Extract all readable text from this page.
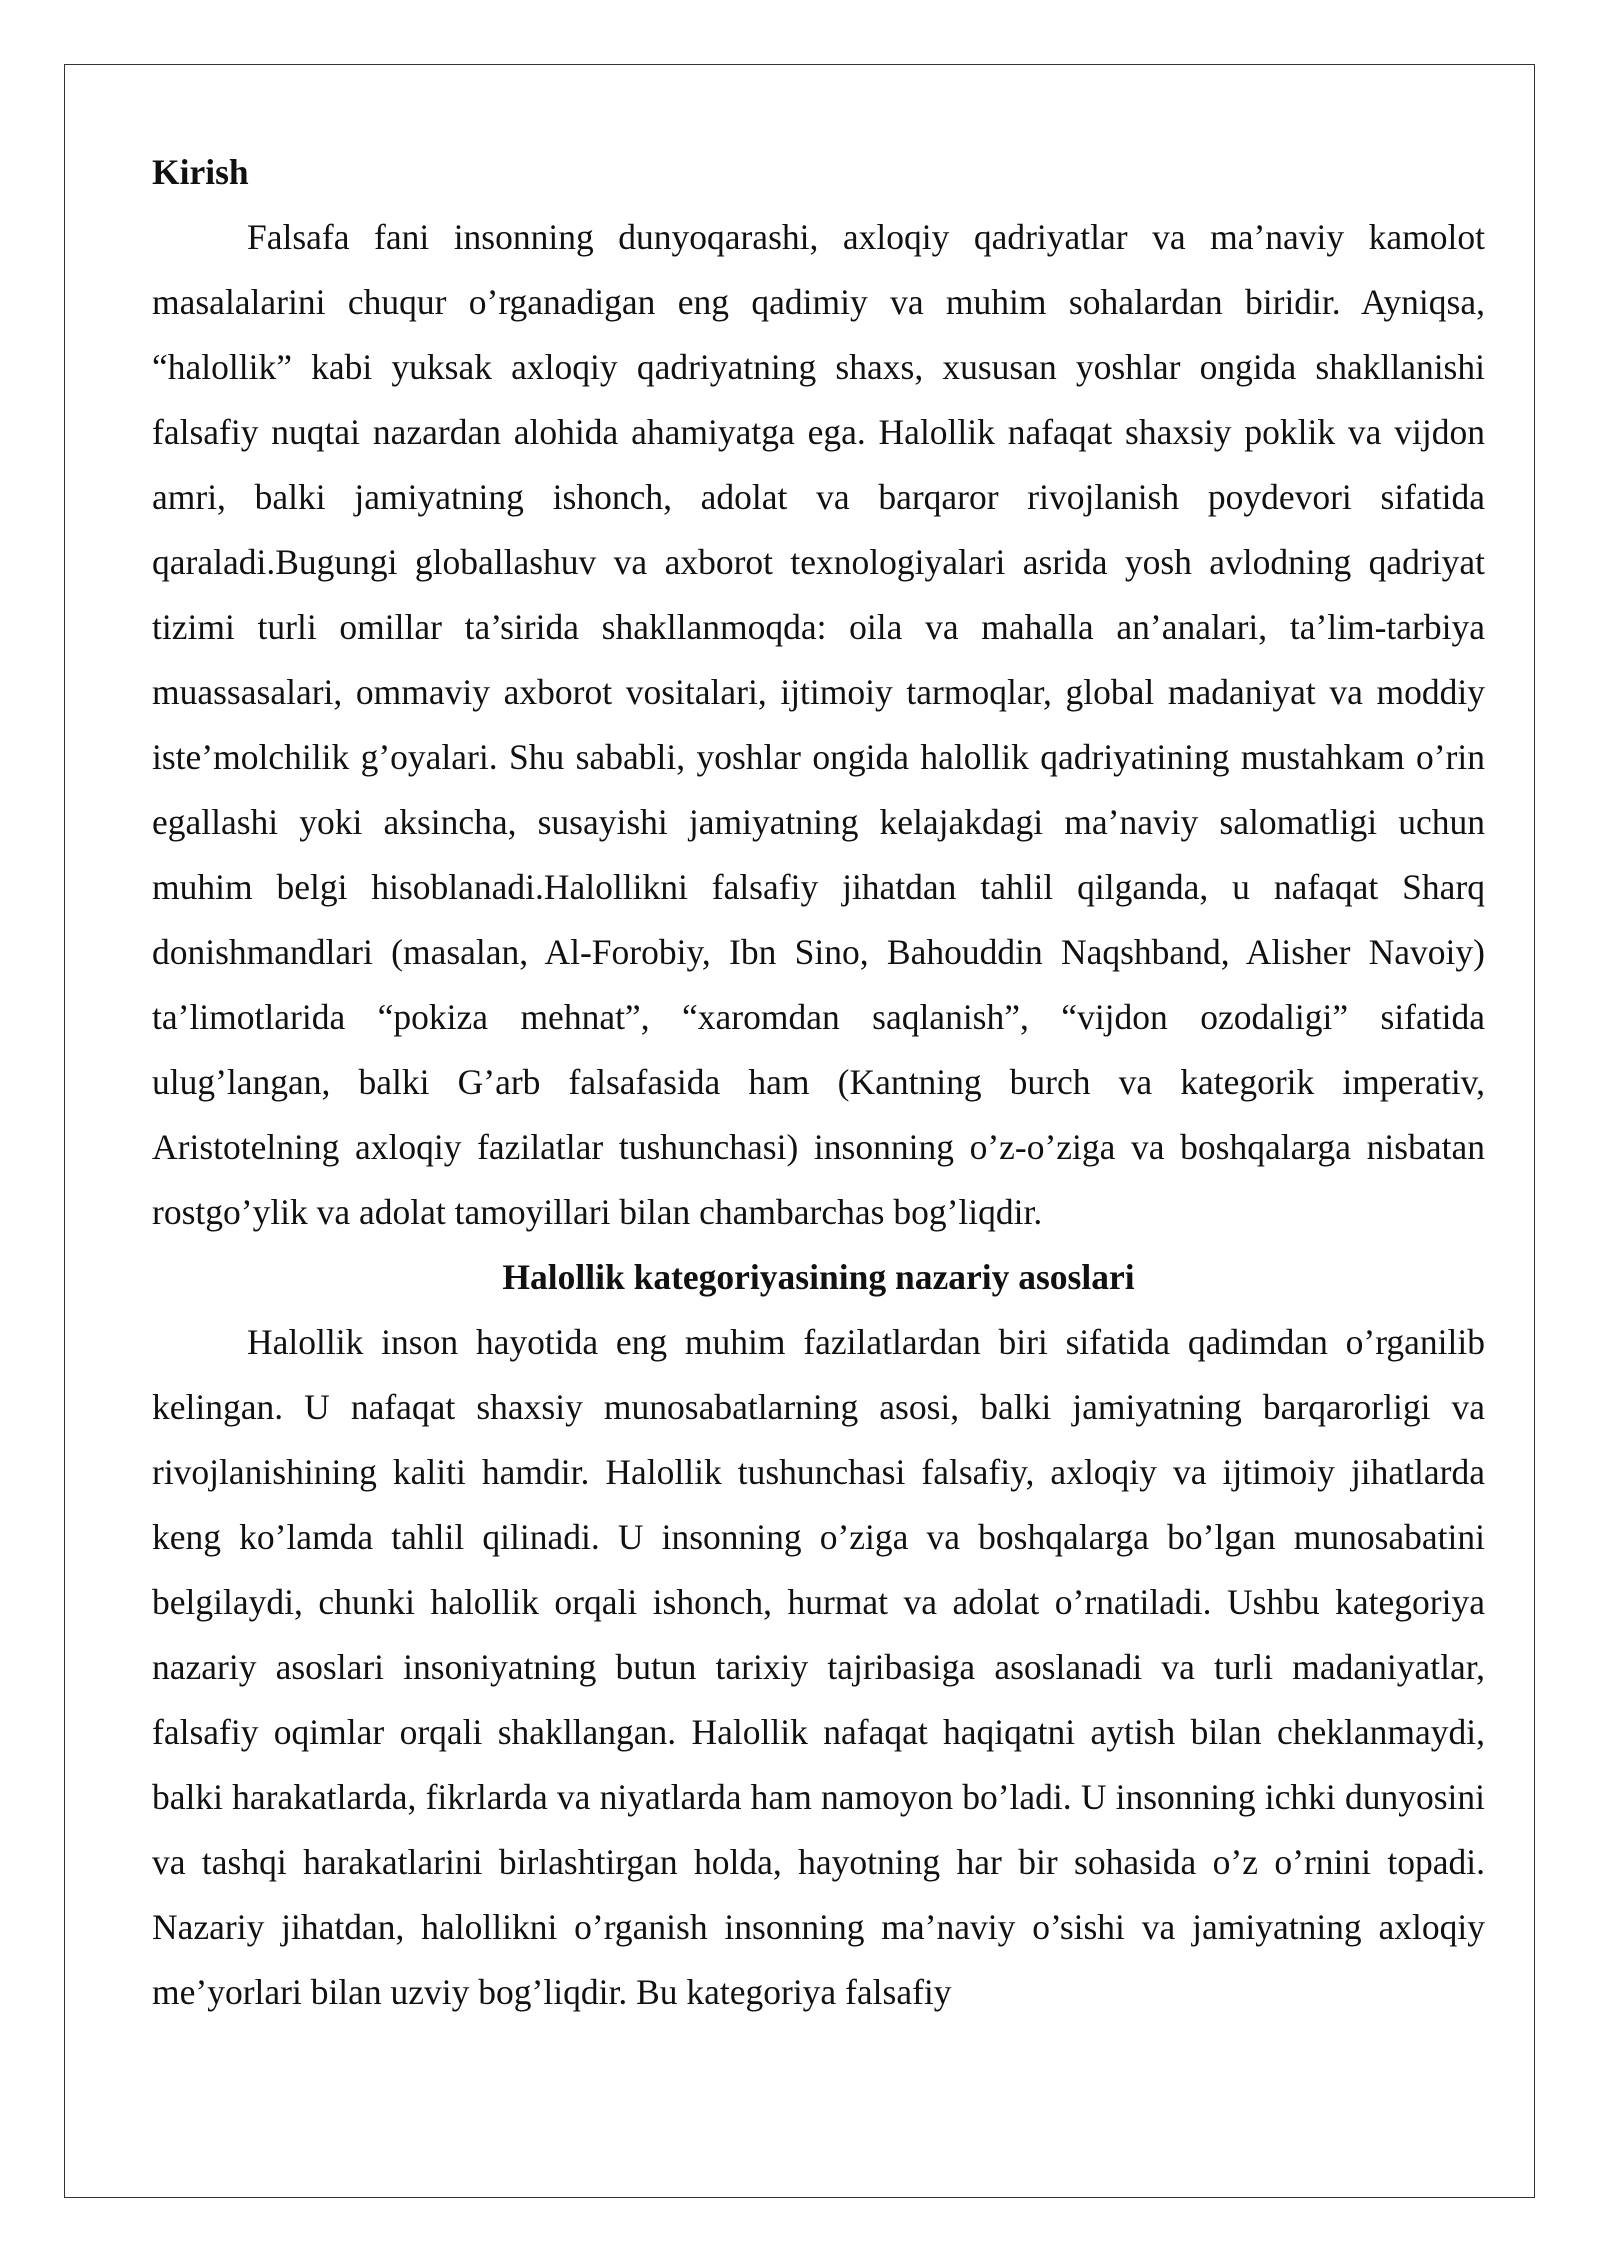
Kirish

Falsafa fani insonning dunyoqarashi, axloqiy qadriyatlar va ma’naviy kamolot masalalarini chuqur o’rganadigan eng qadimiy va muhim sohalardan biridir. Ayniqsa, “halollik” kabi yuksak axloqiy qadriyatning shaxs, xususan yoshlar ongida shakllanishi falsafiy nuqtai nazardan alohida ahamiyatga ega. Halollik nafaqat shaxsiy poklik va vijdon amri, balki jamiyatning ishonch, adolat va barqaror rivojlanish poydevori sifatida qaraladi.Bugungi globallashuv va axborot texnologiyalari asrida yosh avlodning qadriyat tizimi turli omillar ta’sirida shakllanmoqda: oila va mahalla an’analari, ta’lim-tarbiya muassasalari, ommaviy axborot vositalari, ijtimoiy tarmoqlar, global madaniyat va moddiy iste’molchilik g’oyalari. Shu sababli, yoshlar ongida halollik qadriyatining mustahkam o’rin egallashi yoki aksincha, susayishi jamiyatning kelajakdagi ma’naviy salomatligi uchun muhim belgi hisoblanadi.Halollikni falsafiy jihatdan tahlil qilganda, u nafaqat Sharq donishmandlari (masalan, Al-Forobiy, Ibn Sino, Bahouddin Naqshband, Alisher Navoiy) ta’limotlarida “pokiza mehnat”, “xaromdan saqlanish”, “vijdon ozodaligi” sifatida ulug’langan, balki G’arb falsafasida ham (Kantning burch va kategorik imperativ, Aristotelning axloqiy fazilatlar tushunchasi) insonning o’z-o’ziga va boshqalarga nisbatan rostgo’ylik va adolat tamoyillari bilan chambarchas bog’liqdir.

Halollik kategoriyasining nazariy asoslari

Halollik inson hayotida eng muhim fazilatlardan biri sifatida qadimdan o’rganilib kelingan. U nafaqat shaxsiy munosabatlarning asosi, balki jamiyatning barqarorligi va rivojlanishining kaliti hamdir. Halollik tushunchasi falsafiy, axloqiy va ijtimoiy jihatlarda keng ko’lamda tahlil qilinadi. U insonning o’ziga va boshqalarga bo’lgan munosabatini belgilaydi, chunki halollik orqali ishonch, hurmat va adolat o’rnatiladi. Ushbu kategoriya nazariy asoslari insoniyatning butun tarixiy tajribasiga asoslanadi va turli madaniyatlar, falsafiy oqimlar orqali shakllangan. Halollik nafaqat haqiqatni aytish bilan cheklanmaydi, balki harakatlarda, fikrlarda va niyatlarda ham namoyon bo’ladi. U insonning ichki dunyosini va tashqi harakatlarini birlashtirgan holda, hayotning har bir sohasida o’z o’rnini topadi. Nazariy jihatdan, halollikni o’rganish insonning ma’naviy o’sishi va jamiyatning axloqiy me’yorlari bilan uzviy bog’liqdir. Bu kategoriya falsafiy
